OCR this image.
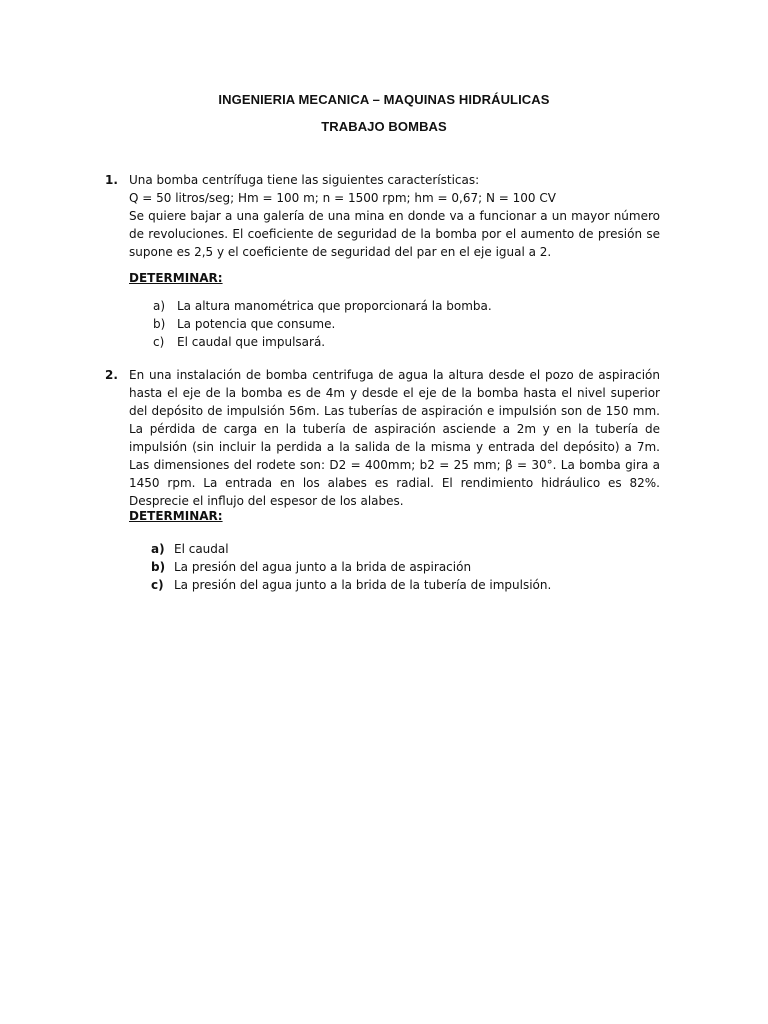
INGENIERIA MECANICA – MAQUINAS HIDRÁULICAS
TRABAJO BOMBAS
1. Una bomba centrífuga tiene las siguientes características:

Q = 50 litros/seg; Hm = 100 m; n = 1500 rpm; hm = 0,67; N = 100 CV

Se quiere bajar a una galería de una mina en donde va a funcionar a un mayor número de revoluciones. El coeficiente de seguridad de la bomba por el aumento de presión se supone es 2,5 y el coeficiente de seguridad del par en el eje igual a 2.

DETERMINAR:
a) La altura manométrica que proporcionará la bomba.
b) La potencia que consume.
c) El caudal que impulsará.
2. En una instalación de bomba centrifuga de agua la altura desde el pozo de aspiración hasta el eje de la bomba es de 4m y desde el eje de la bomba hasta el nivel superior del depósito de impulsión 56m. Las tuberías de aspiración e impulsión son de 150 mm. La pérdida de carga en la tubería de aspiración asciende a 2m y en la tubería de impulsión (sin incluir la perdida a la salida de la misma y entrada del depósito) a 7m. Las dimensiones del rodete son: D2 = 400mm; b2 = 25 mm; β = 30°. La bomba gira a 1450 rpm. La entrada en los alabes es radial. El rendimiento hidráulico es 82%. Desprecie el influjo del espesor de los alabes.

DETERMINAR:
a) El caudal
b) La presión del agua junto a la brida de aspiración
c) La presión del agua junto a la brida de la tubería de impulsión.
